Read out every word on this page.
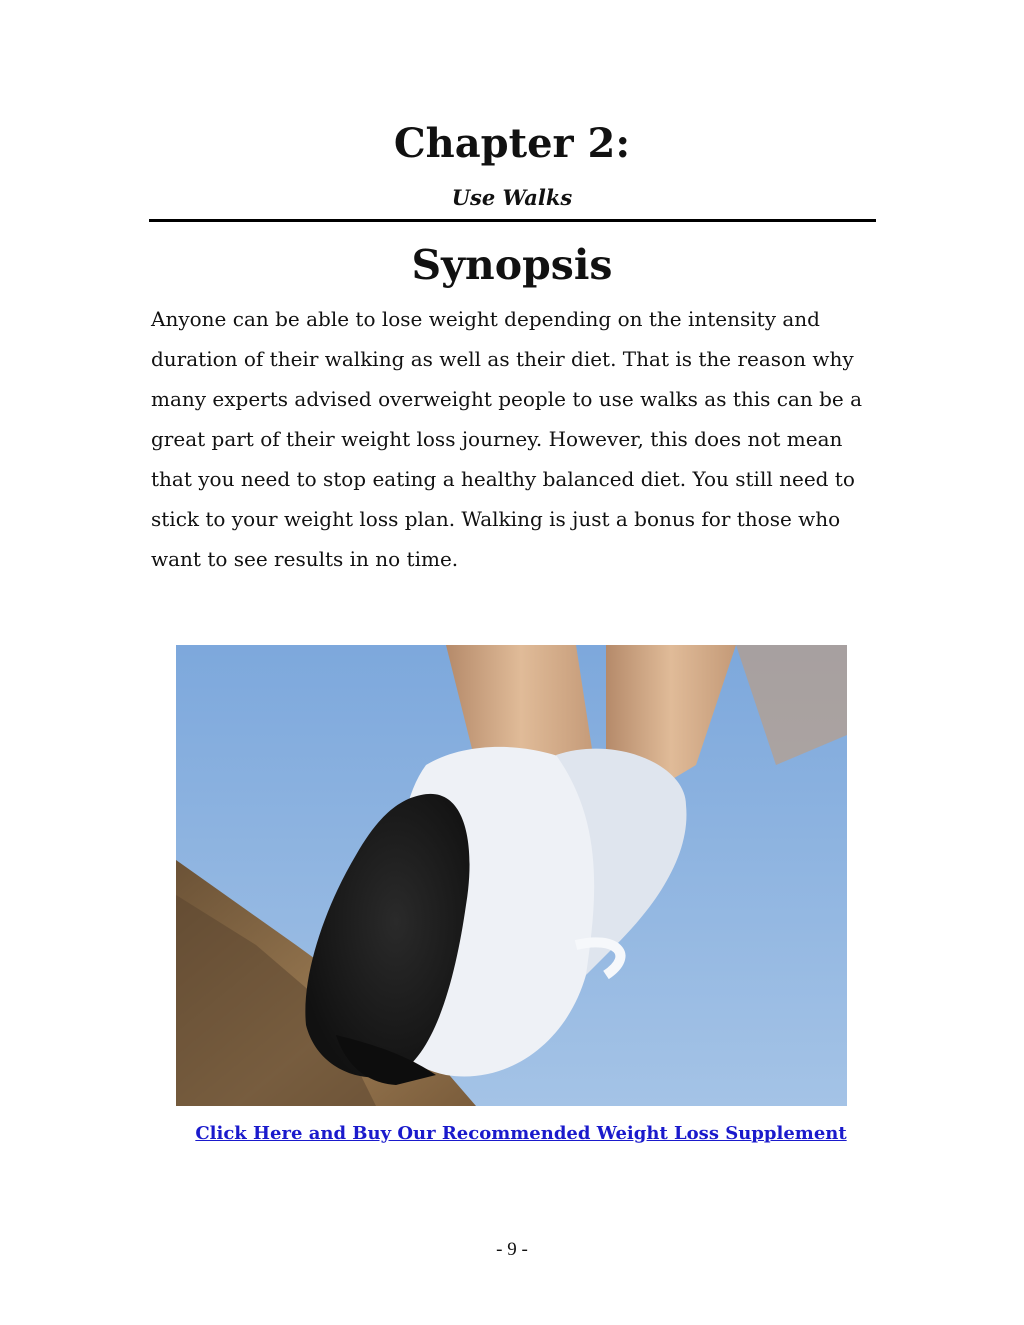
Chapter 2:
Use Walks
Synopsis

Anyone can be able to lose weight depending on the intensity and duration of their walking as well as their diet. That is the reason why many experts advised overweight people to use walks as this can be a great part of their weight loss journey. However, this does not mean that you need to stop eating a healthy balanced diet. You still need to stick to your weight loss plan. Walking is just a bonus for those who want to see results in no time.

Click Here and Buy Our Recommended Weight Loss Supplement
- 9 -
